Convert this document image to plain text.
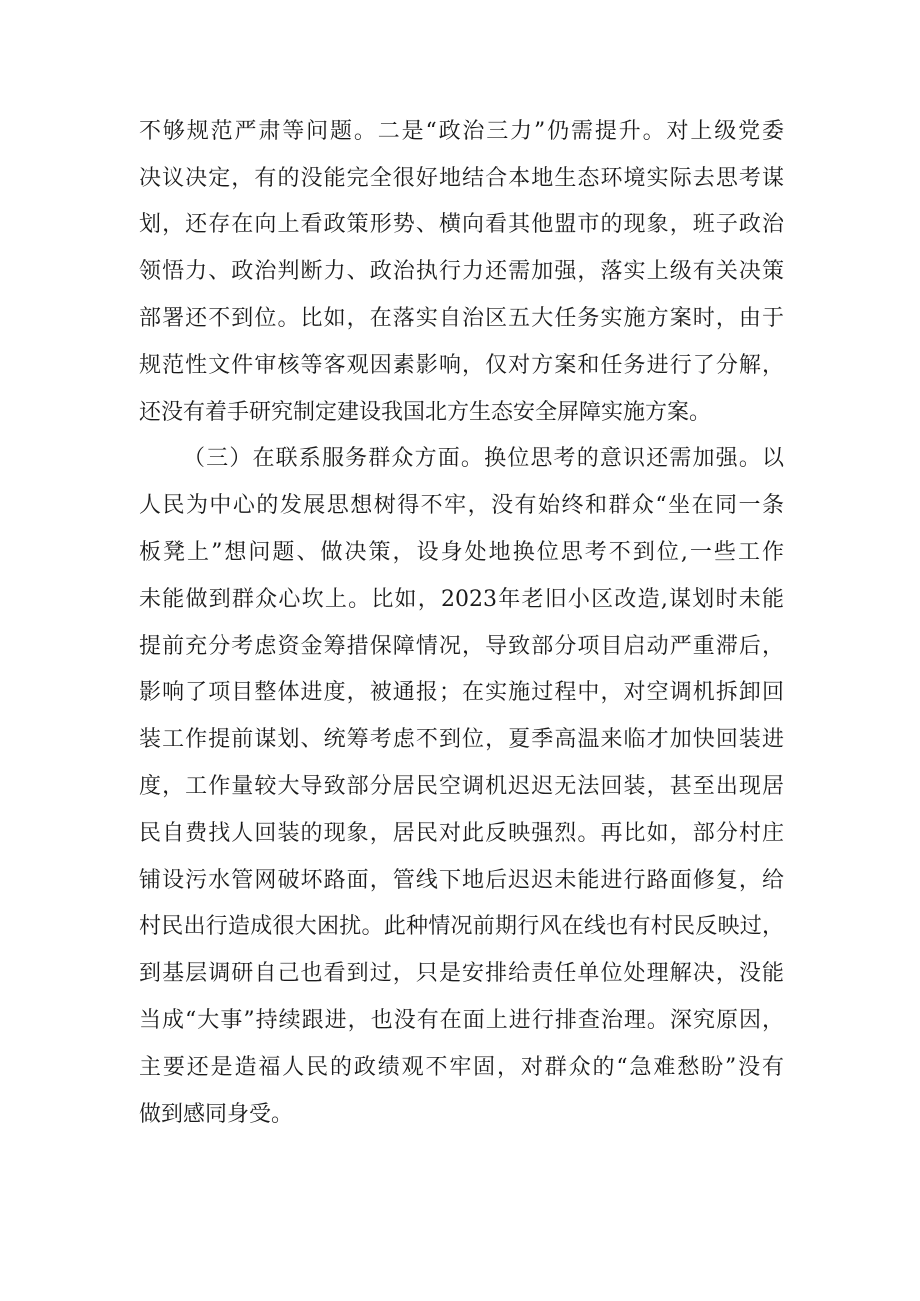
不够规范严肃等问题。二是“政治三力”仍需提升。对上级党委
决议决定，有的没能完全很好地结合本地生态环境实际去思考谋
划，还存在向上看政策形势、横向看其他盟市的现象，班子政治
领悟力、政治判断力、政治执行力还需加强，落实上级有关决策
部署还不到位。比如，在落实自治区五大任务实施方案时，由于
规范性文件审核等客观因素影响，仅对方案和任务进行了分解，
还没有着手研究制定建设我国北方生态安全屏障实施方案。
（三）在联系服务群众方面。换位思考的意识还需加强。以
人民为中心的发展思想树得不牢，没有始终和群众“坐在同一条
板凳上”想问题、做决策，设身处地换位思考不到位,一些工作
未能做到群众心坎上。比如，2023年老旧小区改造,谋划时未能
提前充分考虑资金筹措保障情况，导致部分项目启动严重滞后，
影响了项目整体进度，被通报；在实施过程中，对空调机拆卸回
装工作提前谋划、统筹考虑不到位，夏季高温来临才加快回装进
度，工作量较大导致部分居民空调机迟迟无法回装，甚至出现居
民自费找人回装的现象，居民对此反映强烈。再比如，部分村庄
铺设污水管网破坏路面，管线下地后迟迟未能进行路面修复，给
村民出行造成很大困扰。此种情况前期行风在线也有村民反映过，
到基层调研自己也看到过，只是安排给责任单位处理解决，没能
当成“大事”持续跟进，也没有在面上进行排查治理。深究原因，
主要还是造福人民的政绩观不牢固，对群众的“急难愁盼”没有
做到感同身受。
